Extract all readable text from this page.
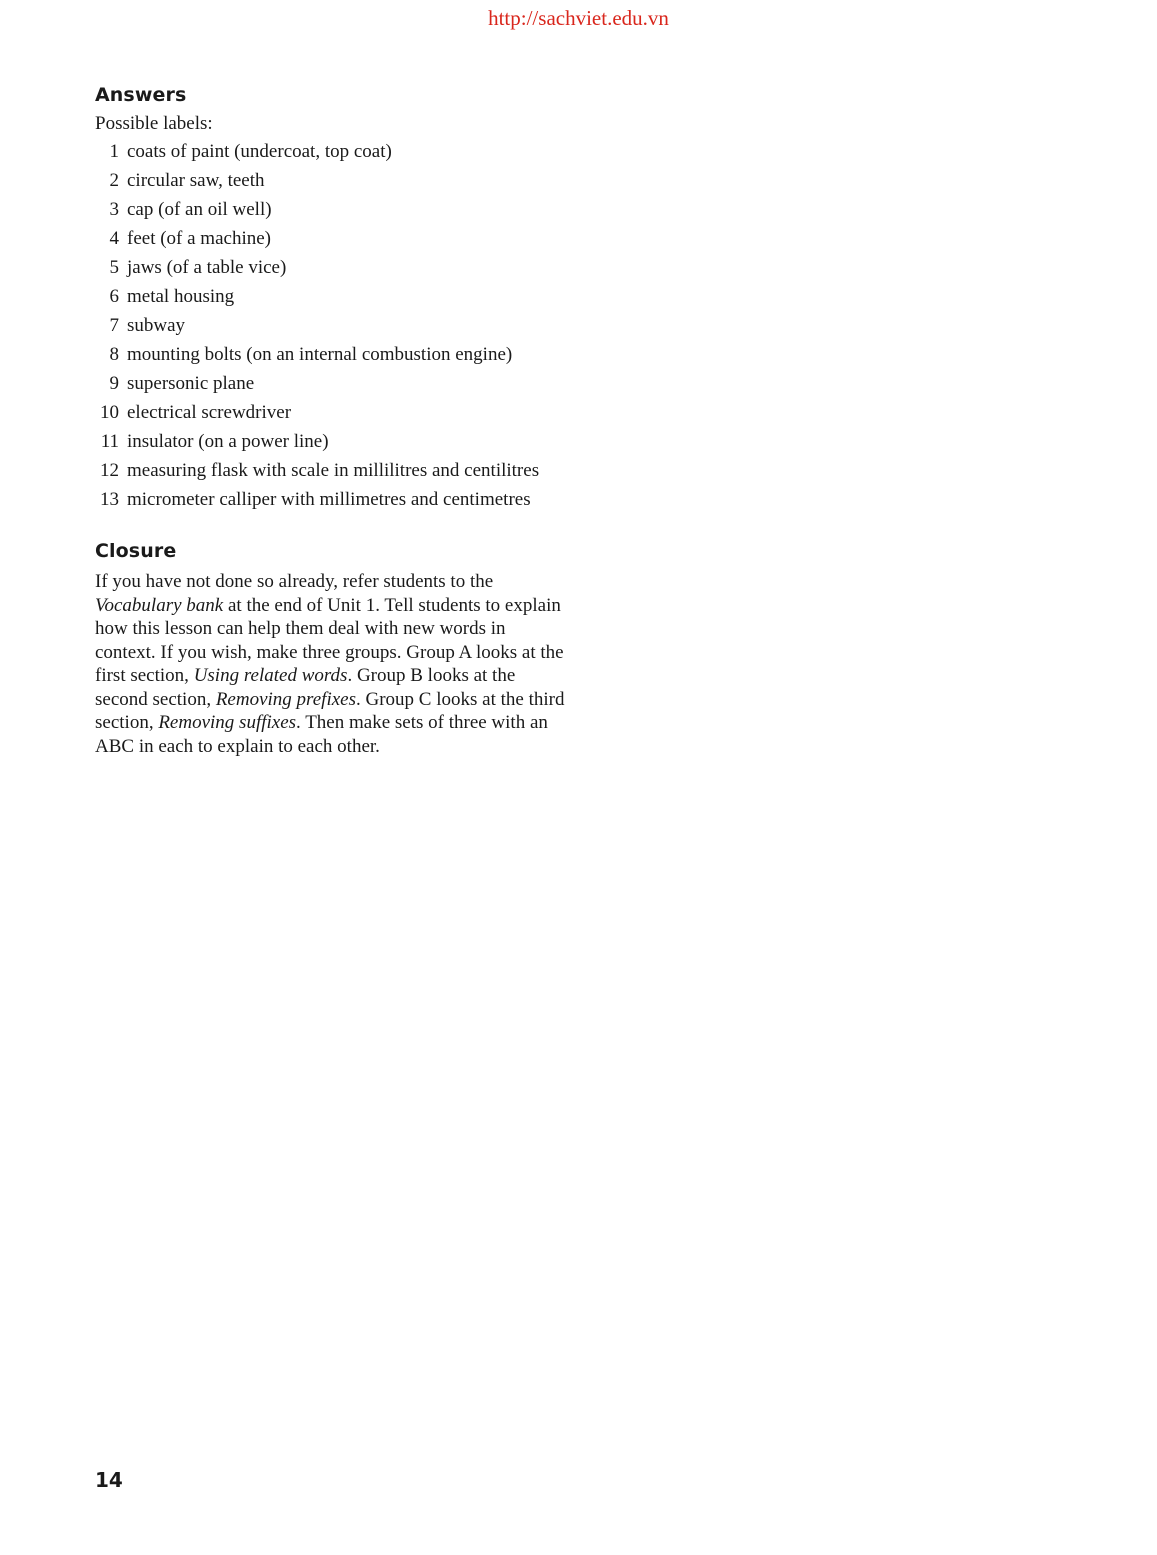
http://sachviet.edu.vn
Answers

Possible labels:

1 coats of paint (undercoat, top coat)
2 circular saw, teeth
3 cap (of an oil well)
4 feet (of a machine)
5 jaws (of a table vice)
6 metal housing
7 subway
8 mounting bolts (on an internal combustion engine)
9 supersonic plane
10 electrical screwdriver
11 insulator (on a power line)
12 measuring flask with scale in millilitres and centilitres
13 micrometer calliper with millimetres and centimetres
Closure

If you have not done so already, refer students to the Vocabulary bank at the end of Unit 1. Tell students to explain how this lesson can help them deal with new words in context. If you wish, make three groups. Group A looks at the first section, Using related words. Group B looks at the second section, Removing prefixes. Group C looks at the third section, Removing suffixes. Then make sets of three with an ABC in each to explain to each other.

14
